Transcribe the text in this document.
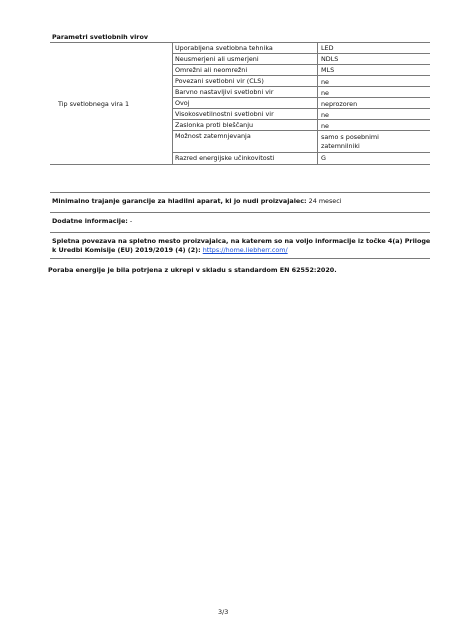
Parametri svetlobnih virov
Tip svetlobnega vira 1
Uporabljena svetlobna tehnika	LED
Neusmerjeni ali usmerjeni	NDLS
Omrežni ali neomrežni	MLS
Povezani svetlobni vir (CLS)	ne
Barvno nastavljivi svetlobni vir	ne
Ovoj	neprozoren
Visokosvetilnostni svetlobni vir	ne
Zaslonka proti bleščanju	ne
Možnost zatemnjevanja	samo s posebnimi
zatemnilniki
Razred energijske učinkovitosti	G
Minimalno trajanje garancije za hladilni aparat, ki jo nudi proizvajalec: 24 meseci
Dodatne informacije: -
Spletna povezava na spletno mesto proizvajalca, na katerem so na voljo informacije iz točke 4(a) Priloge
k Uredbi Komisije (EU) 2019/2019 (4) (2): https://home.liebherr.com/
Poraba energije je bila potrjena z ukrepi v skladu s standardom EN 62552:2020.
3/3
